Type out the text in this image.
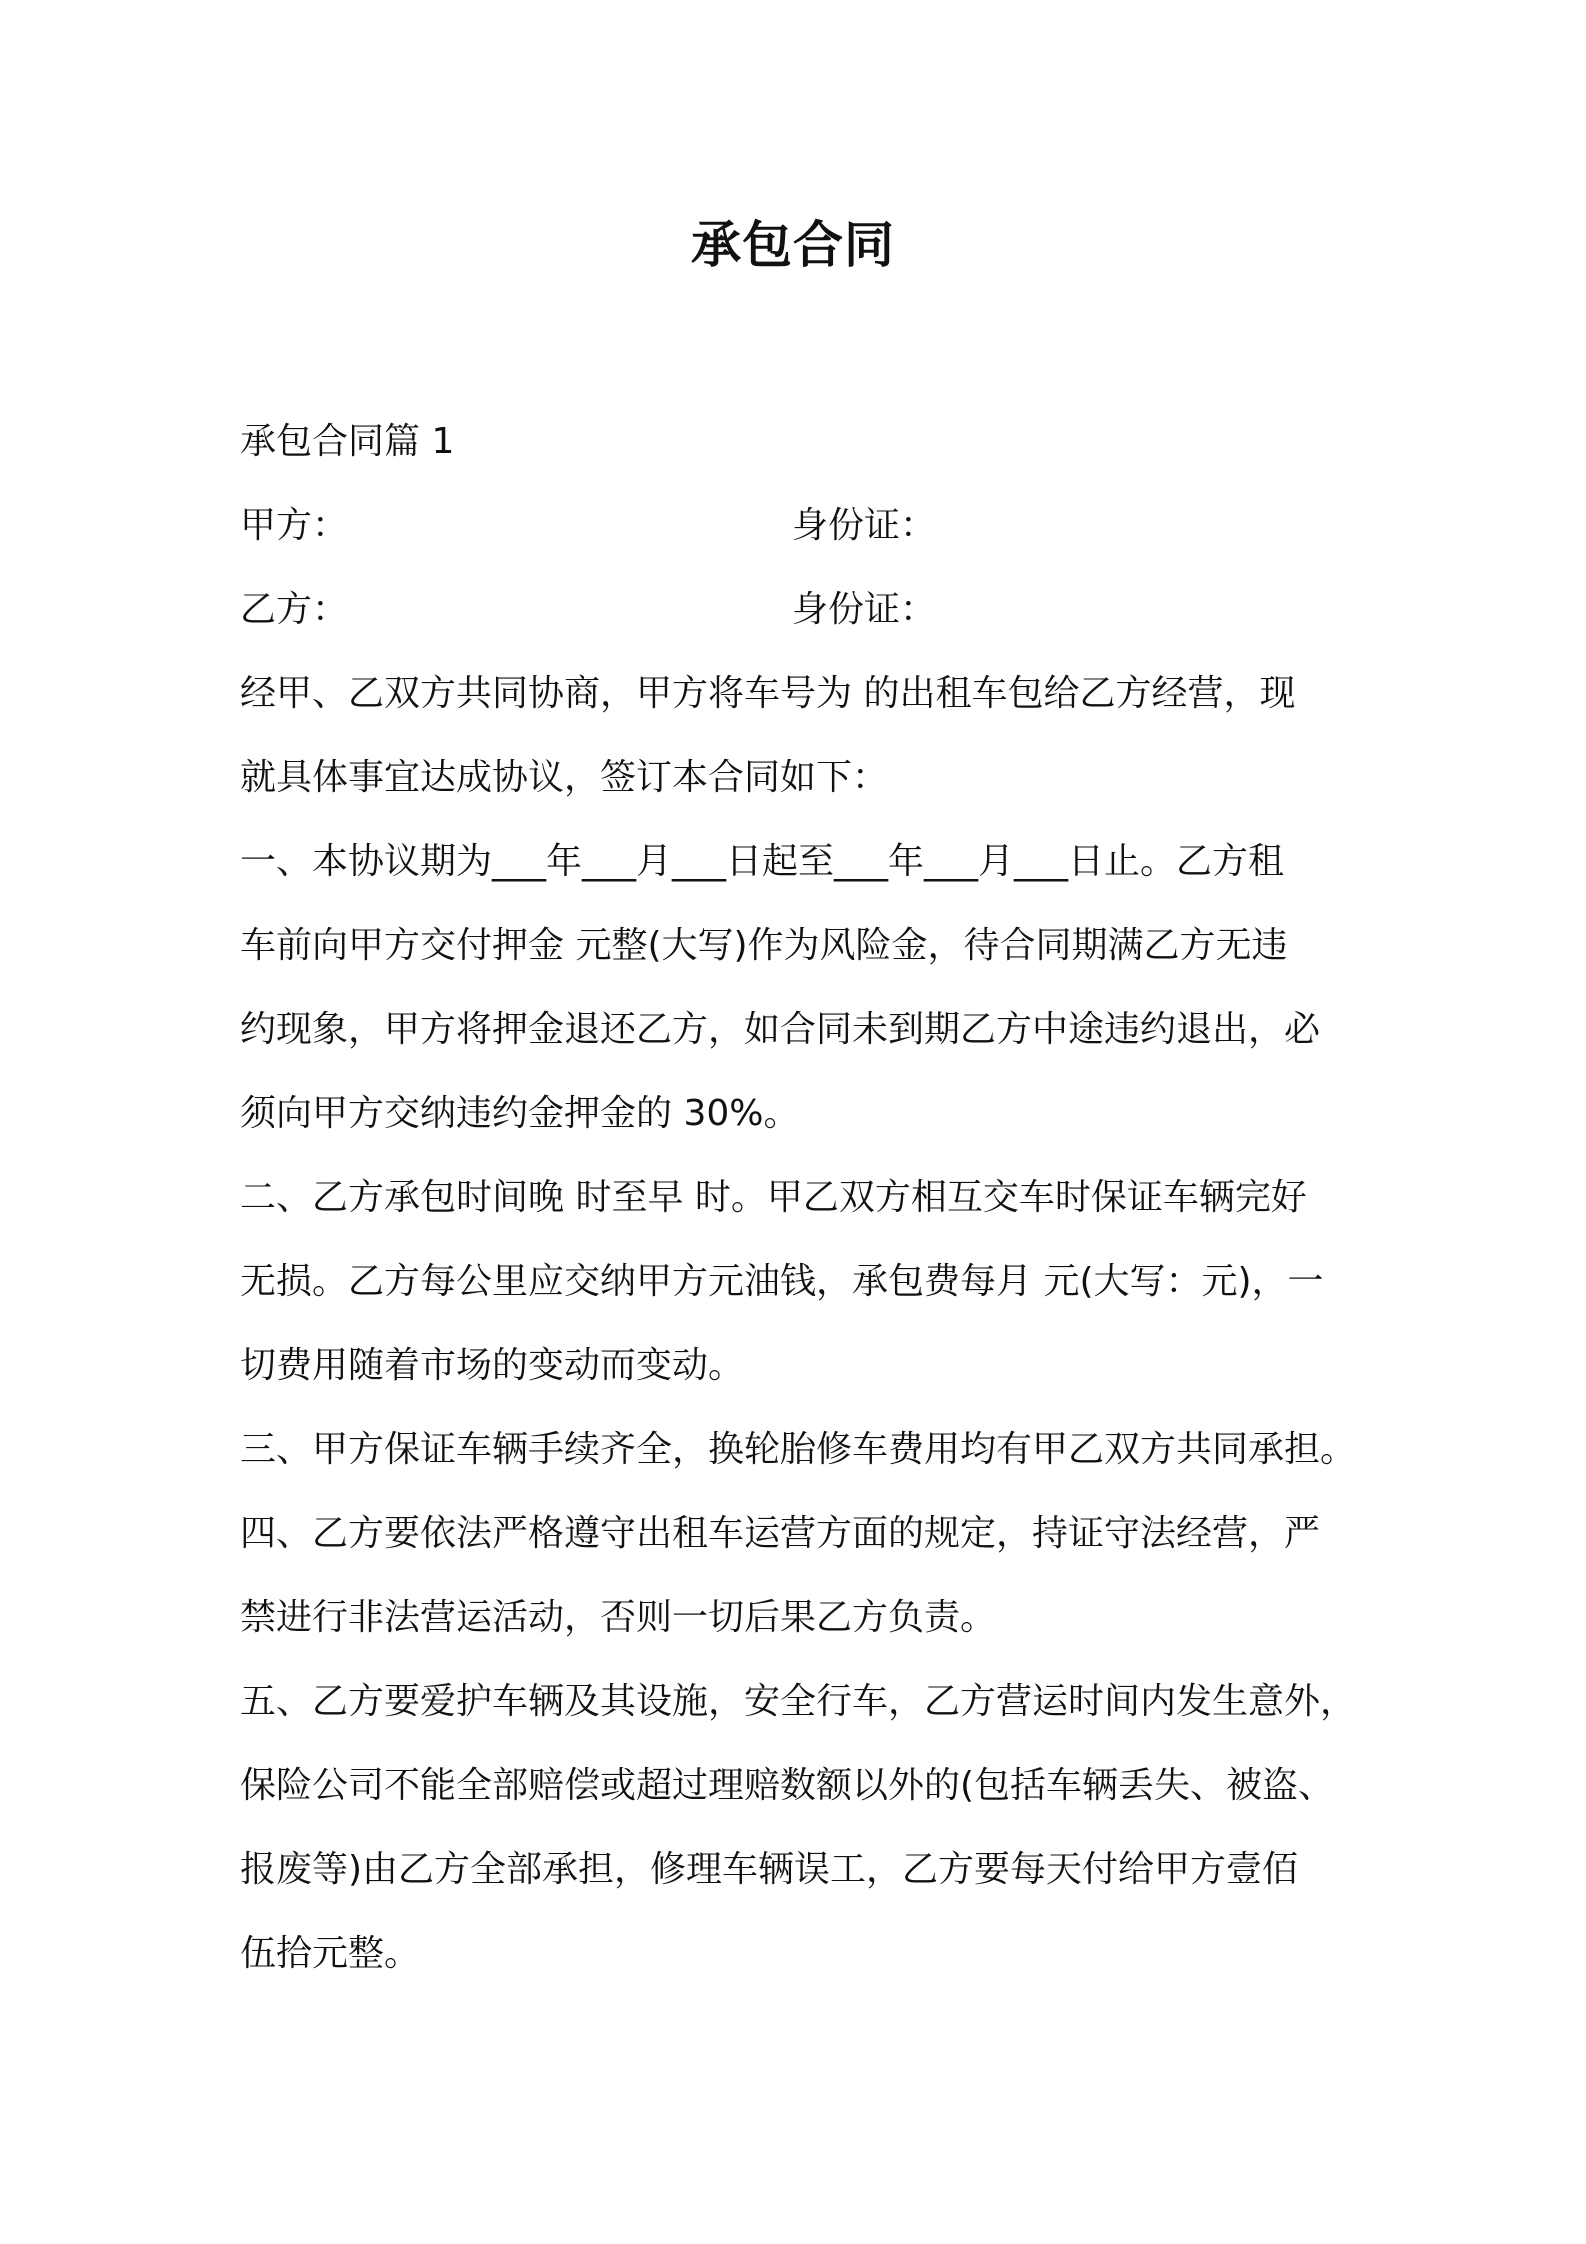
承包合同
承包合同篇 1
甲方：	身份证：
乙方：	身份证：
经甲、乙双方共同协商，甲方将车号为 的出租车包给乙方经营，现
就具体事宜达成协议，签订本合同如下：
一、本协议期为___年___月___日起至___年___月___日止。乙方租
车前向甲方交付押金 元整(大写)作为风险金，待合同期满乙方无违
约现象，甲方将押金退还乙方，如合同未到期乙方中途违约退出，必
须向甲方交纳违约金押金的 30%。
二、乙方承包时间晚 时至早 时。甲乙双方相互交车时保证车辆完好
无损。乙方每公里应交纳甲方元油钱，承包费每月 元(大写：元)，一
切费用随着市场的变动而变动。
三、甲方保证车辆手续齐全，换轮胎修车费用均有甲乙双方共同承担。
四、乙方要依法严格遵守出租车运营方面的规定，持证守法经营，严
禁进行非法营运活动，否则一切后果乙方负责。
五、乙方要爱护车辆及其设施，安全行车，乙方营运时间内发生意外，
保险公司不能全部赔偿或超过理赔数额以外的(包括车辆丢失、被盗、
报废等)由乙方全部承担，修理车辆误工，乙方要每天付给甲方壹佰
伍拾元整。
